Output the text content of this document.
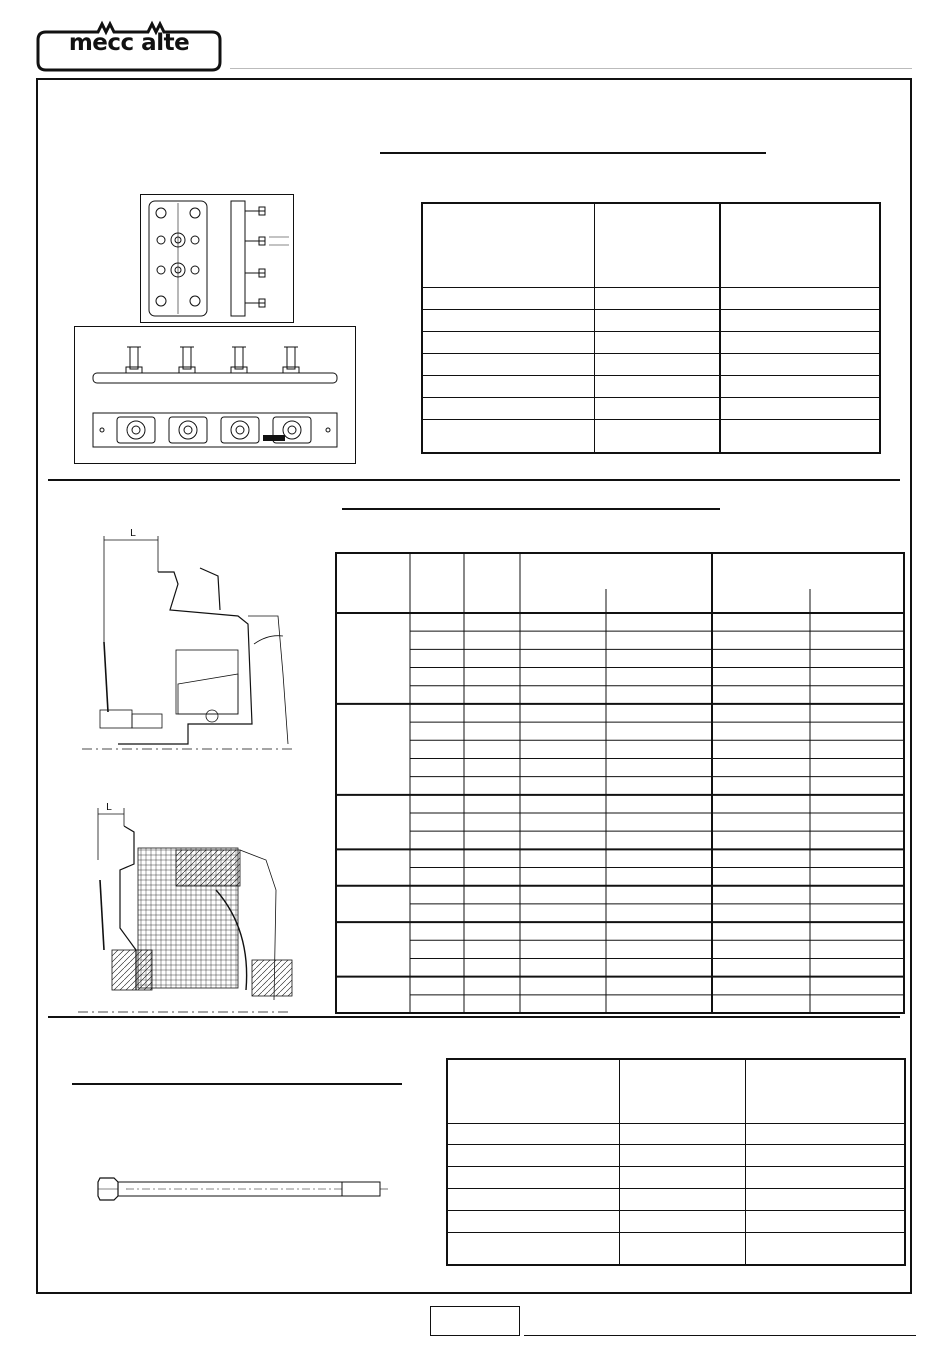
mecc alte

L
L
